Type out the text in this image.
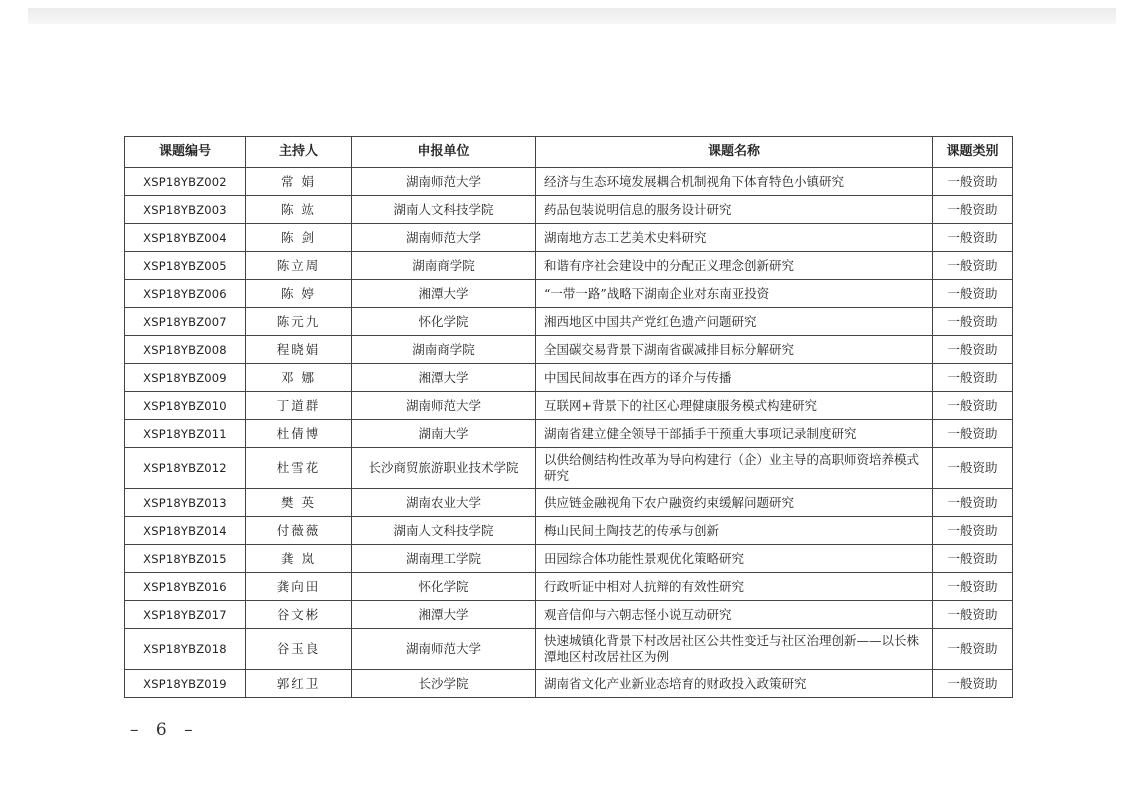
课题编号	主持人	申报单位	课题名称	课题类别
XSP18YBZ002	常 娟	湖南师范大学	经济与生态环境发展耦合机制视角下体育特色小镇研究	一般资助
XSP18YBZ003	陈 竑	湖南人文科技学院	药品包装说明信息的服务设计研究	一般资助
XSP18YBZ004	陈 剑	湖南师范大学	湖南地方志工艺美术史料研究	一般资助
XSP18YBZ005	陈立周	湖南商学院	和谐有序社会建设中的分配正义理念创新研究	一般资助
XSP18YBZ006	陈 婷	湘潭大学	“一带一路”战略下湖南企业对东南亚投资	一般资助
XSP18YBZ007	陈元九	怀化学院	湘西地区中国共产党红色遗产问题研究	一般资助
XSP18YBZ008	程晓娟	湖南商学院	全国碳交易背景下湖南省碳减排目标分解研究	一般资助
XSP18YBZ009	邓 娜	湘潭大学	中国民间故事在西方的译介与传播	一般资助
XSP18YBZ010	丁道群	湖南师范大学	互联网+背景下的社区心理健康服务模式构建研究	一般资助
XSP18YBZ011	杜倩博	湖南大学	湖南省建立健全领导干部插手干预重大事项记录制度研究	一般资助
XSP18YBZ012	杜雪花	长沙商贸旅游职业技术学院	以供给侧结构性改革为导向构建行（企）业主导的高职师资培养模式研究	一般资助
XSP18YBZ013	樊 英	湖南农业大学	供应链金融视角下农户融资约束缓解问题研究	一般资助
XSP18YBZ014	付薇薇	湖南人文科技学院	梅山民间土陶技艺的传承与创新	一般资助
XSP18YBZ015	龚 岚	湖南理工学院	田园综合体功能性景观优化策略研究	一般资助
XSP18YBZ016	龚向田	怀化学院	行政听证中相对人抗辩的有效性研究	一般资助
XSP18YBZ017	谷文彬	湘潭大学	观音信仰与六朝志怪小说互动研究	一般资助
XSP18YBZ018	谷玉良	湖南师范大学	快速城镇化背景下村改居社区公共性变迁与社区治理创新——以长株潭地区村改居社区为例	一般资助
XSP18YBZ019	郭红卫	长沙学院	湖南省文化产业新业态培育的财政投入政策研究	一般资助
– 6 –
